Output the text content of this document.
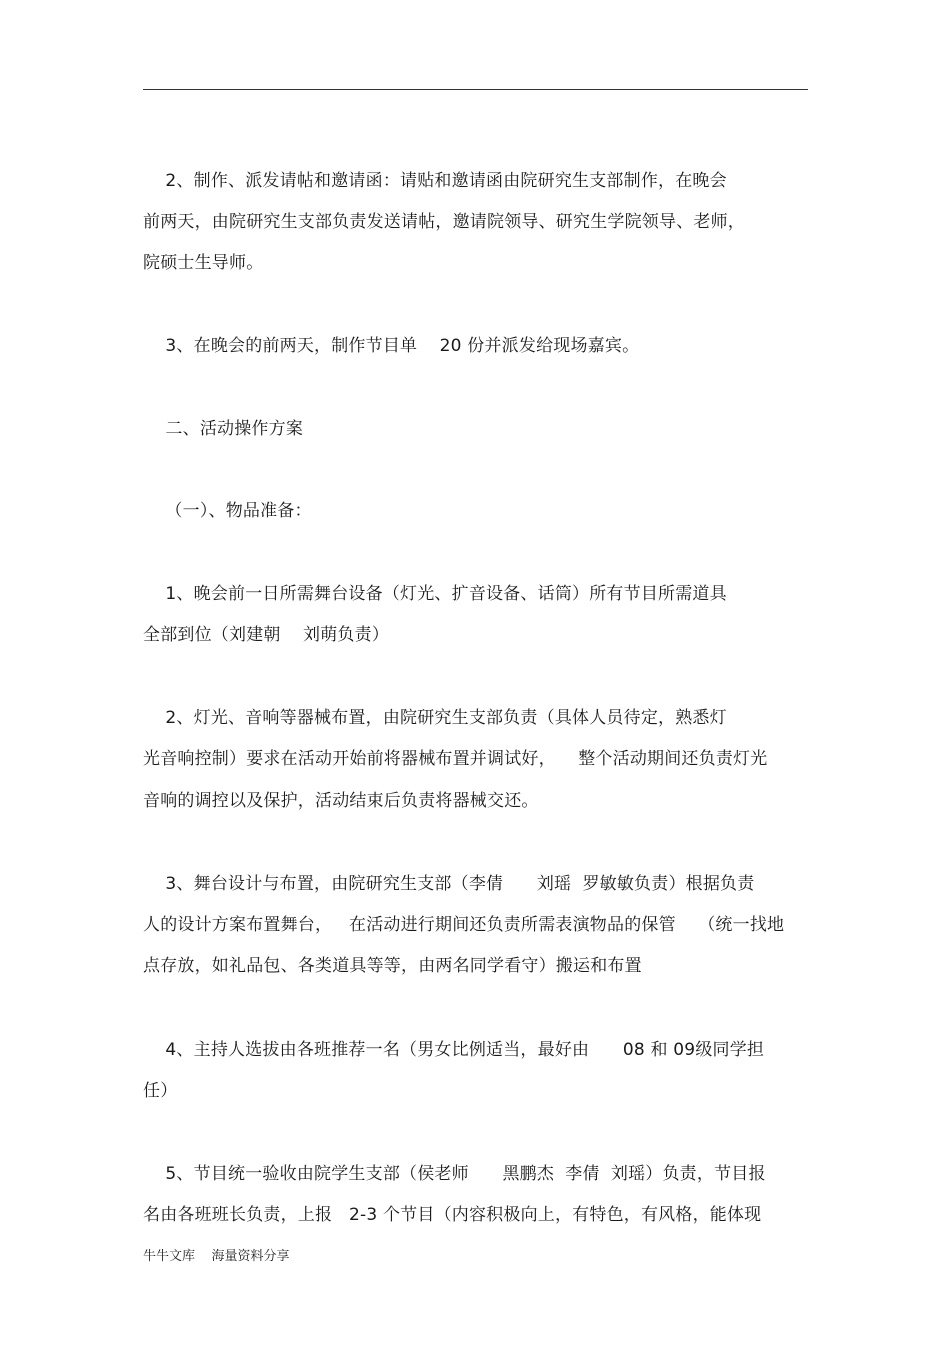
2、制作、派发请帖和邀请函：请贴和邀请函由院研究生支部制作，在晚会
前两天，由院研究生支部负责发送请帖，邀请院领导、研究生学院领导、老师，
院硕士生导师。
3、在晚会的前两天，制作节目单    20 份并派发给现场嘉宾。
二、活动操作方案
（一）、物品准备：
1、晚会前一日所需舞台设备（灯光、扩音设备、话筒）所有节目所需道具
全部到位（刘建朝    刘萌负责）
2、灯光、音响等器械布置，由院研究生支部负责（具体人员待定，熟悉灯
光音响控制）要求在活动开始前将器械布置并调试好，    整个活动期间还负责灯光
音响的调控以及保护，活动结束后负责将器械交还。
3、舞台设计与布置，由院研究生支部（李倩      刘瑶  罗敏敏负责）根据负责
人的设计方案布置舞台，   在活动进行期间还负责所需表演物品的保管    （统一找地
点存放，如礼品包、各类道具等等，由两名同学看守）搬运和布置
4、主持人选拔由各班推荐一名（男女比例适当，最好由      08 和 09级同学担
任）
5、节目统一验收由院学生支部（侯老师      黑鹏杰  李倩  刘瑶）负责，节目报
名由各班班长负责，上报   2-3 个节目（内容积极向上，有特色，有风格，能体现
牛牛文库    海量资料分享
